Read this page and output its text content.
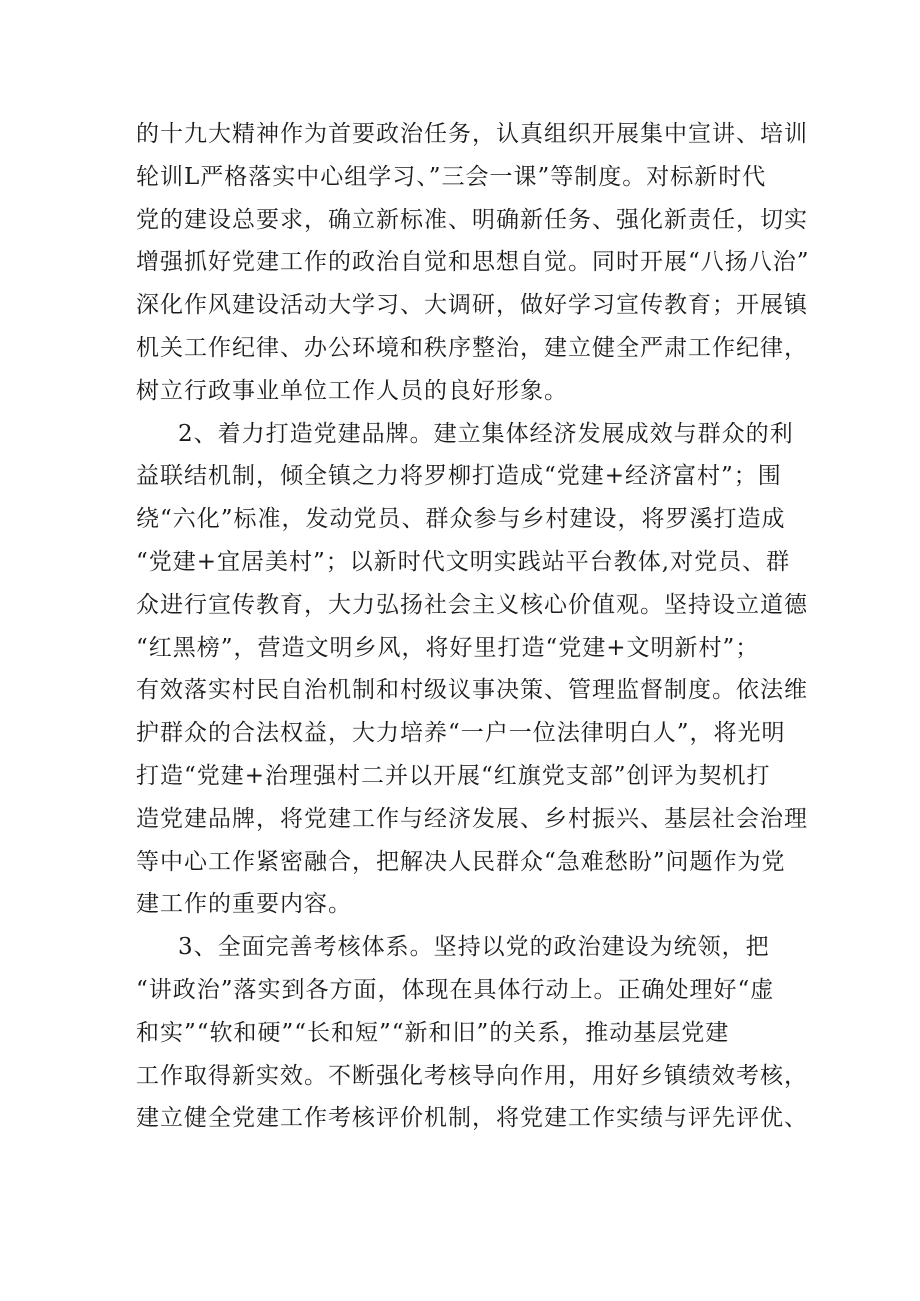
的十九大精神作为首要政治任务，认真组织开展集中宣讲、培训
轮训L严格落实中心组学习、”三会一课”等制度。对标新时代
党的建设总要求，确立新标准、明确新任务、强化新责任，切实
增强抓好党建工作的政治自觉和思想自觉。同时开展“八扬八治”
深化作风建设活动大学习、大调研，做好学习宣传教育；开展镇
机关工作纪律、办公环境和秩序整治，建立健全严肃工作纪律，
树立行政事业单位工作人员的良好形象。
2、着力打造党建品牌。建立集体经济发展成效与群众的利
益联结机制，倾全镇之力将罗柳打造成“党建+经济富村”；围
绕“六化”标准，发动党员、群众参与乡村建设，将罗溪打造成
“党建+宜居美村”；以新时代文明实践站平台教体,对党员、群
众进行宣传教育，大力弘扬社会主义核心价值观。坚持设立道德
“红黑榜”，营造文明乡风，将好里打造“党建+文明新村”；
有效落实村民自治机制和村级议事决策、管理监督制度。依法维
护群众的合法权益，大力培养“一户一位法律明白人”，将光明
打造“党建+治理强村二并以开展“红旗党支部”创评为契机打
造党建品牌，将党建工作与经济发展、乡村振兴、基层社会治理
等中心工作紧密融合，把解决人民群众“急难愁盼”问题作为党
建工作的重要内容。
3、全面完善考核体系。坚持以党的政治建设为统领，把
“讲政治”落实到各方面，体现在具体行动上。正确处理好“虚
和实”“软和硬”“长和短”“新和旧”的关系，推动基层党建
工作取得新实效。不断强化考核导向作用，用好乡镇绩效考核，
建立健全党建工作考核评价机制，将党建工作实绩与评先评优、
